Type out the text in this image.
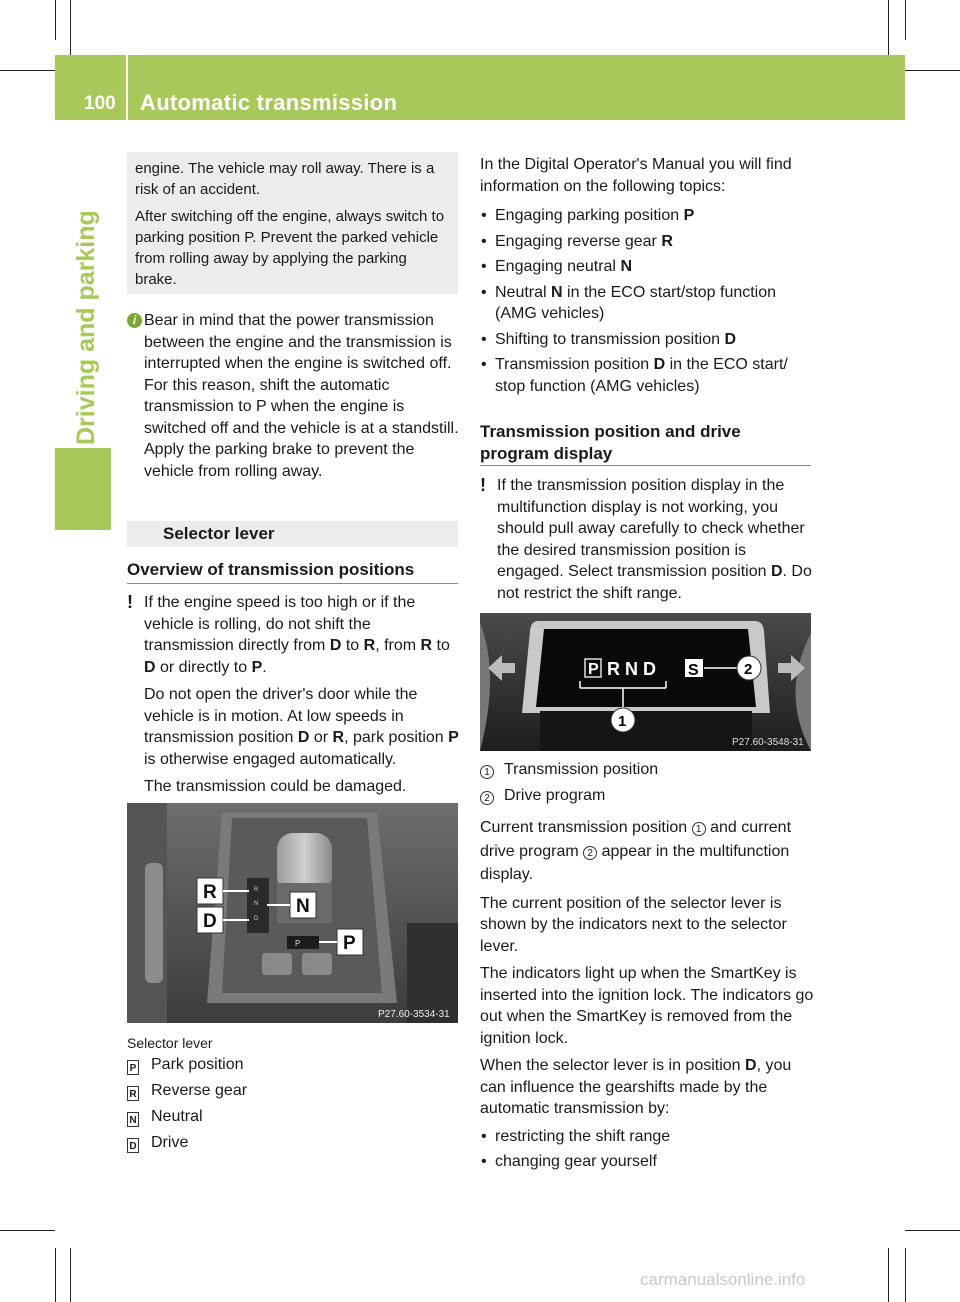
100 Automatic transmission
Driving and parking

engine. The vehicle may roll away. There is a risk of an accident.

After switching off the engine, always switch to parking position P. Prevent the parked vehicle from rolling away by applying the parking brake.

i Bear in mind that the power transmission between the engine and the transmission is interrupted when the engine is switched off. For this reason, shift the automatic transmission to P when the engine is switched off and the vehicle is at a standstill. Apply the parking brake to prevent the vehicle from rolling away.
Selector lever
Overview of transmission positions
! If the engine speed is too high or if the vehicle is rolling, do not shift the transmission directly from D to R, from R to D or directly to P.

Do not open the driver's door while the vehicle is in motion. At low speeds in transmission position D or R, park position P is otherwise engaged automatically.

The transmission could be damaged.

R
D
N
P
R
N
D
P
P27.60-3534-31
Selector lever
P Park position
R Reverse gear
N Neutral
D Drive
In the Digital Operator's Manual you will find information on the following topics:
• Engaging parking position P
• Engaging reverse gear R
• Engaging neutral N
• Neutral N in the ECO start/stop function (AMG vehicles)
• Shifting to transmission position D
• Transmission position D in the ECO start/ stop function (AMG vehicles)
Transmission position and drive program display
! If the transmission position display in the multifunction display is not working, you should pull away carefully to check whether the desired transmission position is engaged. Select transmission position D. Do not restrict the shift range.
P R N D S
1
2
P27.60-3548-31
1 Transmission position
2 Drive program

Current transmission position 1 and current drive program 2 appear in the multifunction display.

The current position of the selector lever is shown by the indicators next to the selector lever.

The indicators light up when the SmartKey is inserted into the ignition lock. The indicators go out when the SmartKey is removed from the ignition lock.

When the selector lever is in position D, you can influence the gearshifts made by the automatic transmission by:

• restricting the shift range
• changing gear yourself
carmanualsonline.info
